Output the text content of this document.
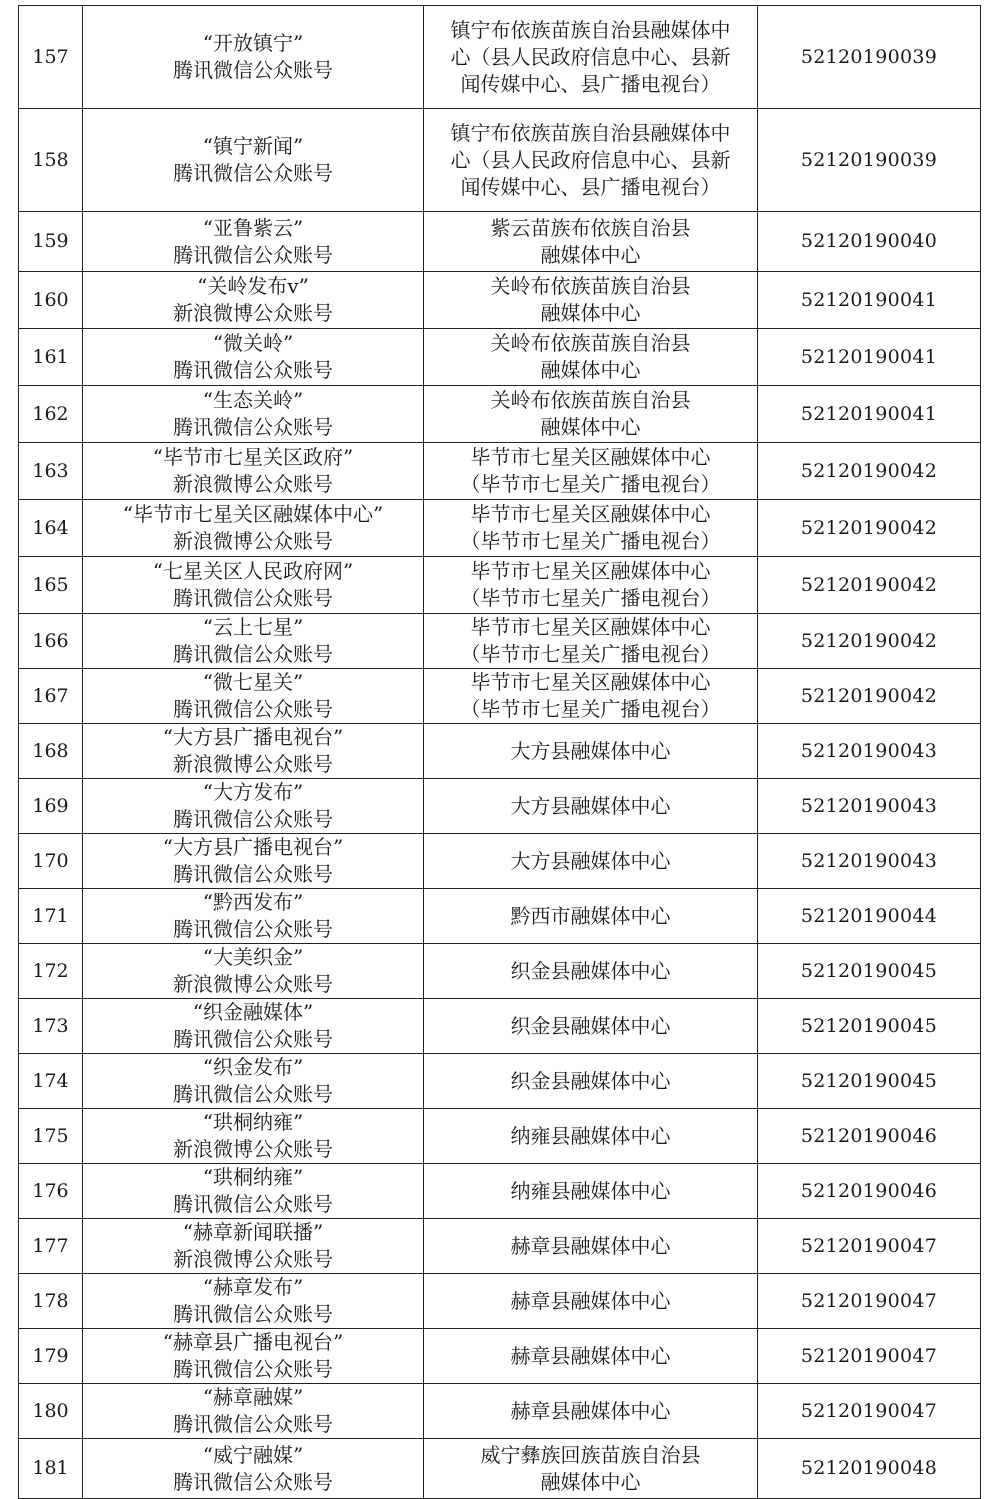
157	“开放镇宁”
腾讯微信公众账号	镇宁布依族苗族自治县融媒体中
心（县人民政府信息中心、县新
闻传媒中心、县广播电视台）	52120190039
158	“镇宁新闻”
腾讯微信公众账号	镇宁布依族苗族自治县融媒体中
心（县人民政府信息中心、县新
闻传媒中心、县广播电视台）	52120190039
159	“亚鲁紫云”
腾讯微信公众账号	紫云苗族布依族自治县
融媒体中心	52120190040
160	“关岭发布v”
新浪微博公众账号	关岭布依族苗族自治县
融媒体中心	52120190041
161	“微关岭”
腾讯微信公众账号	关岭布依族苗族自治县
融媒体中心	52120190041
162	“生态关岭”
腾讯微信公众账号	关岭布依族苗族自治县
融媒体中心	52120190041
163	“毕节市七星关区政府”
新浪微博公众账号	毕节市七星关区融媒体中心
（毕节市七星关广播电视台）	52120190042
164	“毕节市七星关区融媒体中心”
新浪微博公众账号	毕节市七星关区融媒体中心
（毕节市七星关广播电视台）	52120190042
165	“七星关区人民政府网”
腾讯微信公众账号	毕节市七星关区融媒体中心
（毕节市七星关广播电视台）	52120190042
166	“云上七星”
腾讯微信公众账号	毕节市七星关区融媒体中心
（毕节市七星关广播电视台）	52120190042
167	“微七星关”
腾讯微信公众账号	毕节市七星关区融媒体中心
（毕节市七星关广播电视台）	52120190042
168	“大方县广播电视台”
新浪微博公众账号	大方县融媒体中心	52120190043
169	“大方发布”
腾讯微信公众账号	大方县融媒体中心	52120190043
170	“大方县广播电视台”
腾讯微信公众账号	大方县融媒体中心	52120190043
171	“黔西发布”
腾讯微信公众账号	黔西市融媒体中心	52120190044
172	“大美织金”
新浪微博公众账号	织金县融媒体中心	52120190045
173	“织金融媒体”
腾讯微信公众账号	织金县融媒体中心	52120190045
174	“织金发布”
腾讯微信公众账号	织金县融媒体中心	52120190045
175	“珙桐纳雍”
新浪微博公众账号	纳雍县融媒体中心	52120190046
176	“珙桐纳雍”
腾讯微信公众账号	纳雍县融媒体中心	52120190046
177	“赫章新闻联播”
新浪微博公众账号	赫章县融媒体中心	52120190047
178	“赫章发布”
腾讯微信公众账号	赫章县融媒体中心	52120190047
179	“赫章县广播电视台”
腾讯微信公众账号	赫章县融媒体中心	52120190047
180	“赫章融媒”
腾讯微信公众账号	赫章县融媒体中心	52120190047
181	“威宁融媒”
腾讯微信公众账号	威宁彝族回族苗族自治县
融媒体中心	52120190048
